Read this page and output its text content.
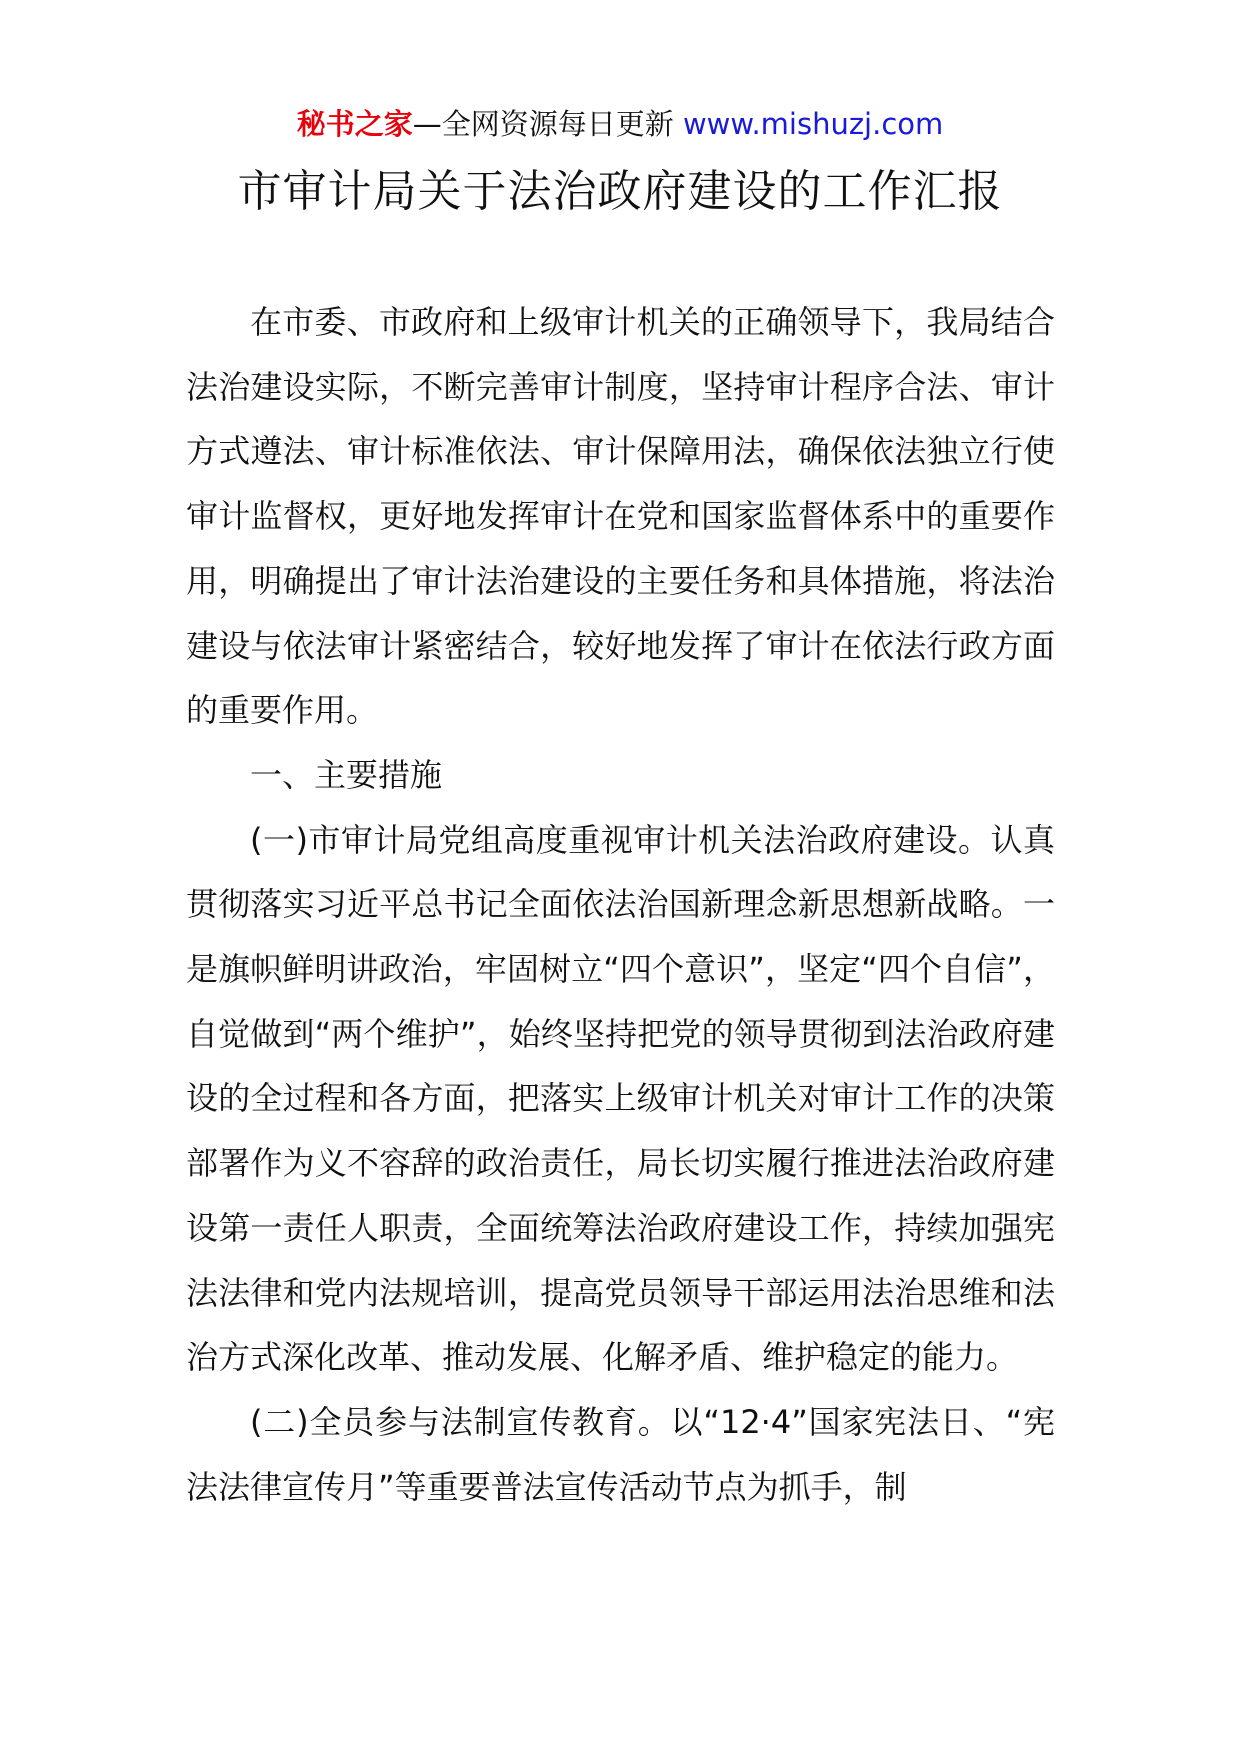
秘书之家—全网资源每日更新 www.mishuzj.com
市审计局关于法治政府建设的工作汇报

在市委、市政府和上级审计机关的正确领导下，我局结合法治建设实际，不断完善审计制度，坚持审计程序合法、审计方式遵法、审计标准依法、审计保障用法，确保依法独立行使审计监督权，更好地发挥审计在党和国家监督体系中的重要作用，明确提出了审计法治建设的主要任务和具体措施，将法治建设与依法审计紧密结合，较好地发挥了审计在依法行政方面的重要作用。

一、主要措施

(一)市审计局党组高度重视审计机关法治政府建设。认真贯彻落实习近平总书记全面依法治国新理念新思想新战略。一是旗帜鲜明讲政治，牢固树立“四个意识”，坚定“四个自信”，自觉做到“两个维护”，始终坚持把党的领导贯彻到法治政府建设的全过程和各方面，把落实上级审计机关对审计工作的决策部署作为义不容辞的政治责任，局长切实履行推进法治政府建设第一责任人职责，全面统筹法治政府建设工作，持续加强宪法法律和党内法规培训，提高党员领导干部运用法治思维和法治方式深化改革、推动发展、化解矛盾、维护稳定的能力。

(二)全员参与法制宣传教育。以“12·4”国家宪法日、“宪法法律宣传月”等重要普法宣传活动节点为抓手，制
